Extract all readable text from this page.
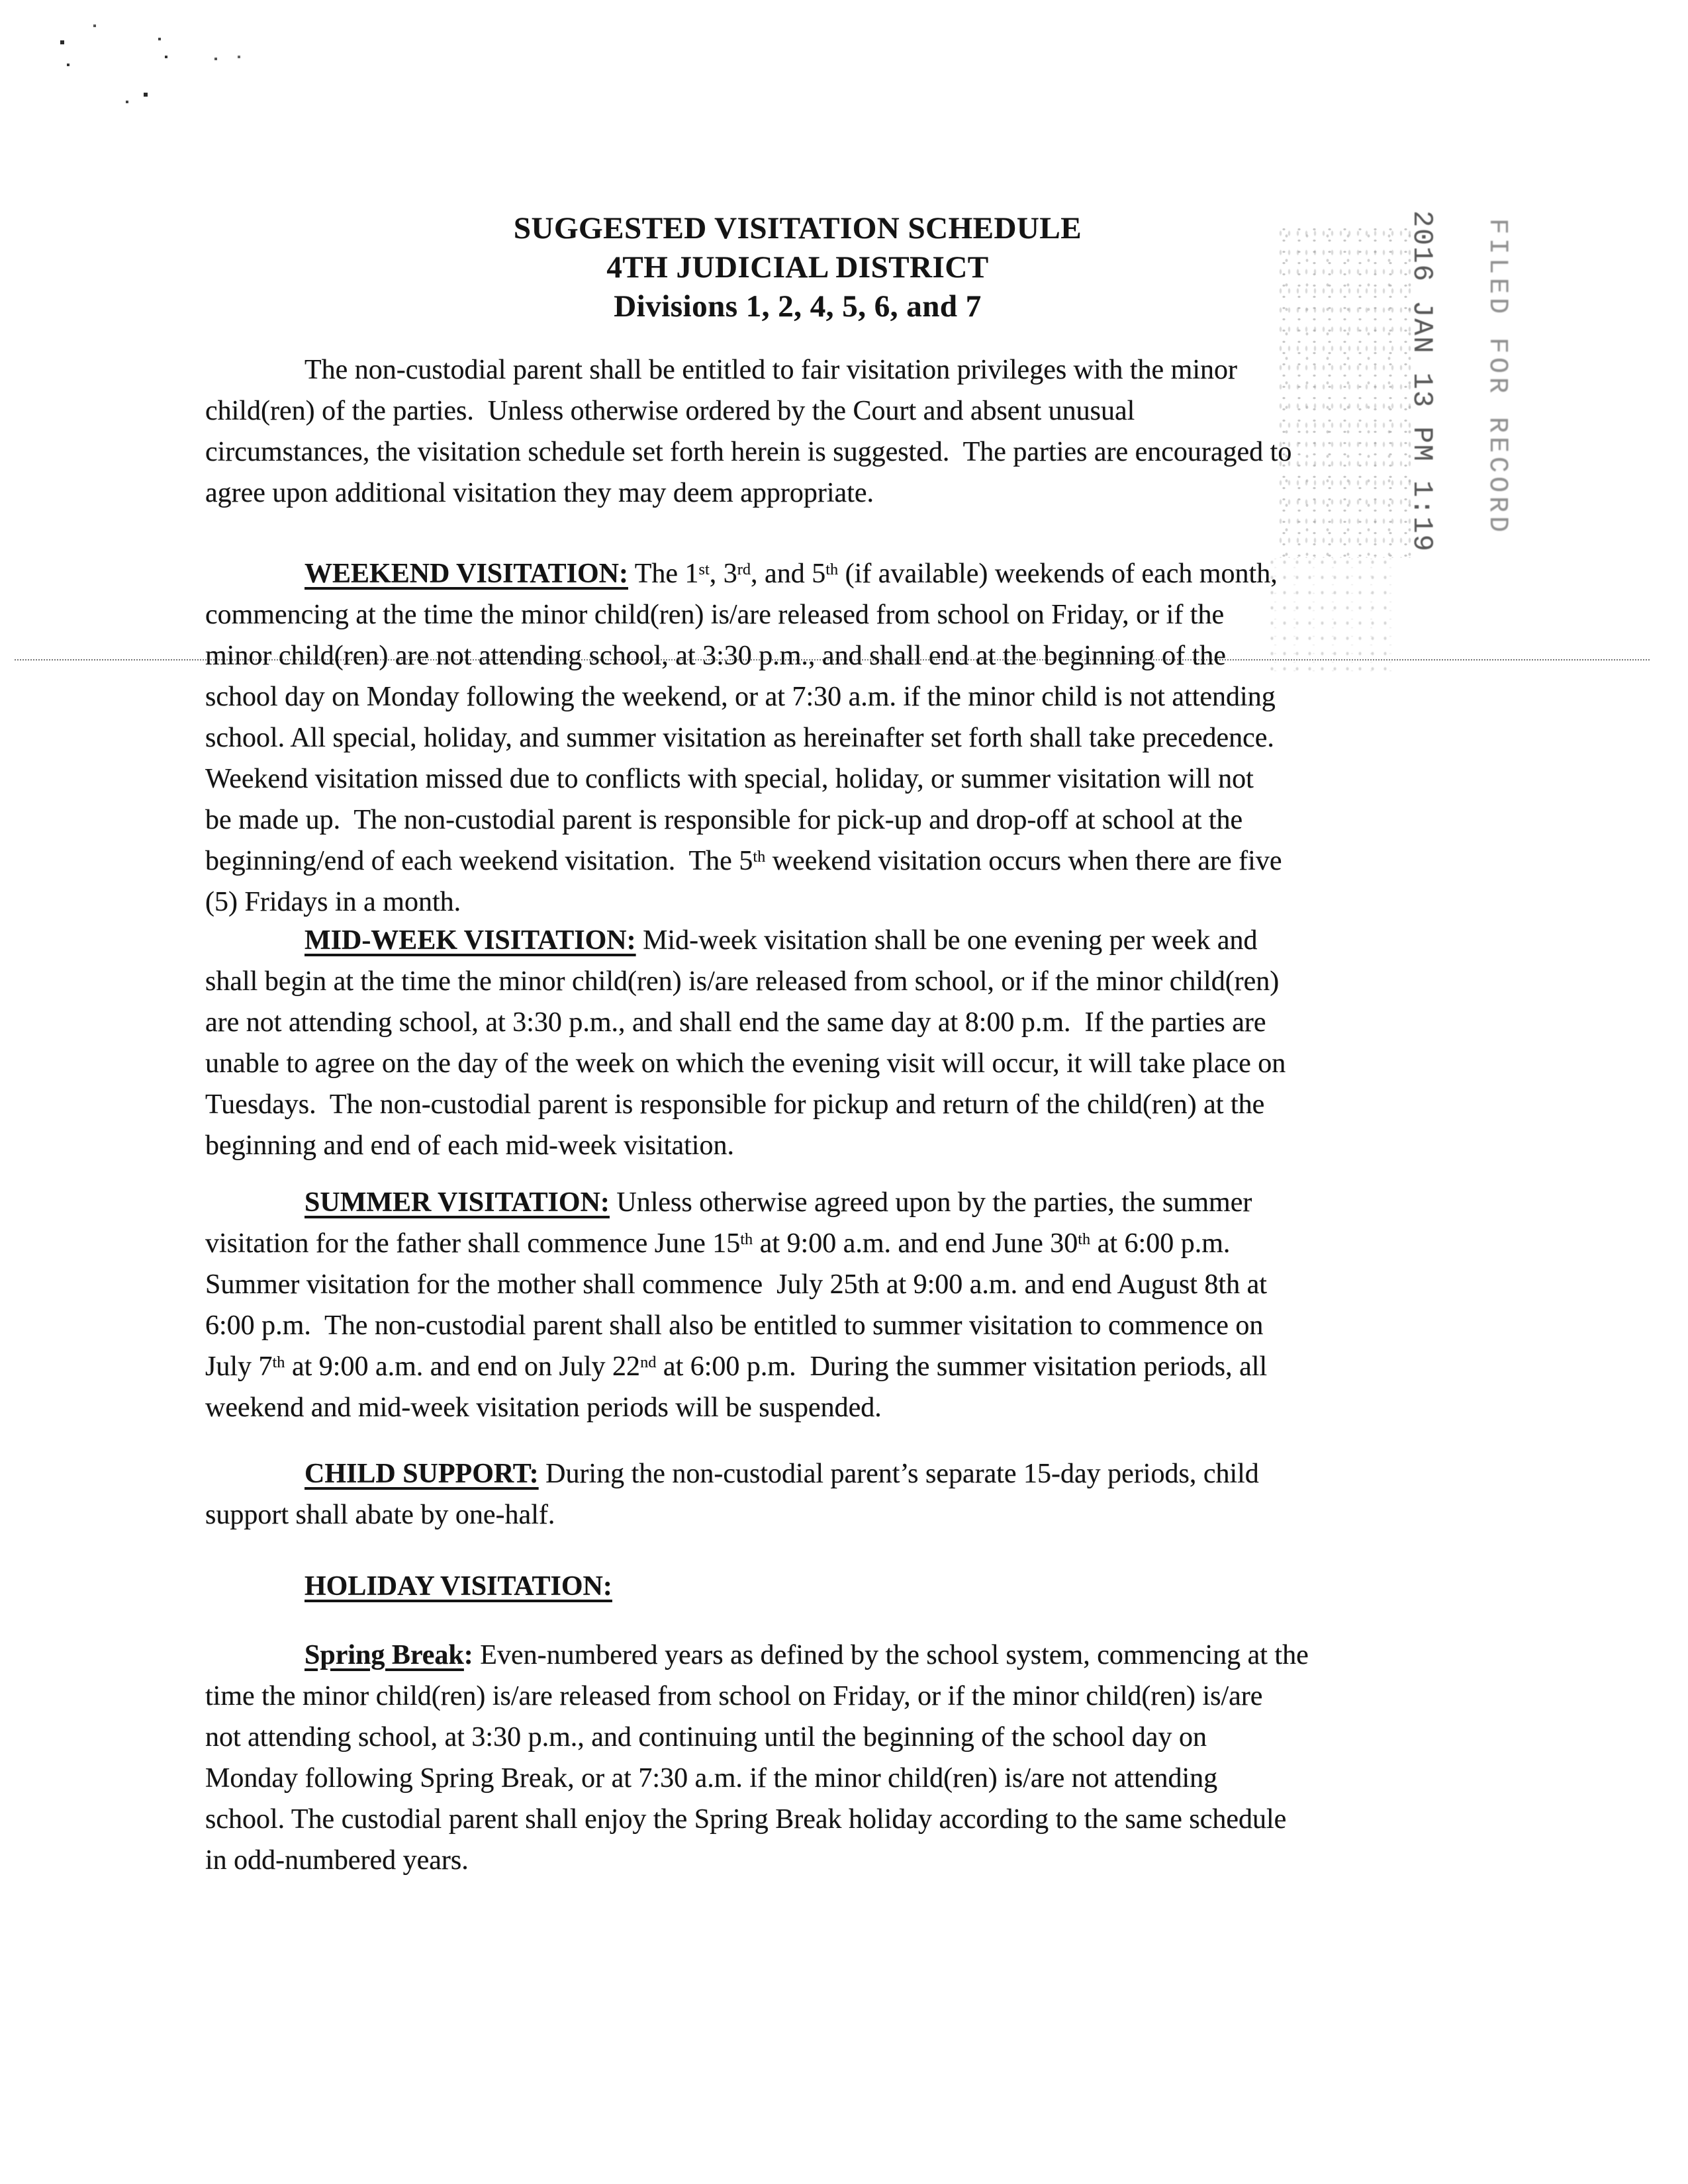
SUGGESTED VISITATION SCHEDULE
4TH JUDICIAL DISTRICT
Divisions 1, 2, 4, 5, 6, and 7	2016 JAN 13 PM 1:19 FILED FOR RECORD
The non-custodial parent shall be entitled to fair visitation privileges with the minor
child(ren) of the parties.  Unless otherwise ordered by the Court and absent unusual
circumstances, the visitation schedule set forth herein is suggested.  The parties are encouraged to
agree upon additional visitation they may deem appropriate.
WEEKEND VISITATION: The 1st, 3rd, and 5th (if available) weekends of each month,
commencing at the time the minor child(ren) is/are released from school on Friday, or if the
minor child(ren) are not attending school, at 3:30 p.m., and shall end at the beginning of the
school day on Monday following the weekend, or at 7:30 a.m. if the minor child is not attending
school. All special, holiday, and summer visitation as hereinafter set forth shall take precedence.
Weekend visitation missed due to conflicts with special, holiday, or summer visitation will not
be made up.  The non-custodial parent is responsible for pick-up and drop-off at school at the
beginning/end of each weekend visitation.  The 5th weekend visitation occurs when there are five
(5) Fridays in a month.
MID-WEEK VISITATION: Mid-week visitation shall be one evening per week and
shall begin at the time the minor child(ren) is/are released from school, or if the minor child(ren)
are not attending school, at 3:30 p.m., and shall end the same day at 8:00 p.m.  If the parties are
unable to agree on the day of the week on which the evening visit will occur, it will take place on
Tuesdays.  The non-custodial parent is responsible for pickup and return of the child(ren) at the
beginning and end of each mid-week visitation.
SUMMER VISITATION: Unless otherwise agreed upon by the parties, the summer
visitation for the father shall commence June 15th at 9:00 a.m. and end June 30th at 6:00 p.m.
Summer visitation for the mother shall commence  July 25th at 9:00 a.m. and end August 8th at
6:00 p.m.  The non-custodial parent shall also be entitled to summer visitation to commence on
July 7th at 9:00 a.m. and end on July 22nd at 6:00 p.m.  During the summer visitation periods, all
weekend and mid-week visitation periods will be suspended.
CHILD SUPPORT: During the non-custodial parent’s separate 15-day periods, child
support shall abate by one-half.
HOLIDAY VISITATION:
Spring Break: Even-numbered years as defined by the school system, commencing at the
time the minor child(ren) is/are released from school on Friday, or if the minor child(ren) is/are
not attending school, at 3:30 p.m., and continuing until the beginning of the school day on
Monday following Spring Break, or at 7:30 a.m. if the minor child(ren) is/are not attending
school. The custodial parent shall enjoy the Spring Break holiday according to the same schedule
in odd-numbered years.
